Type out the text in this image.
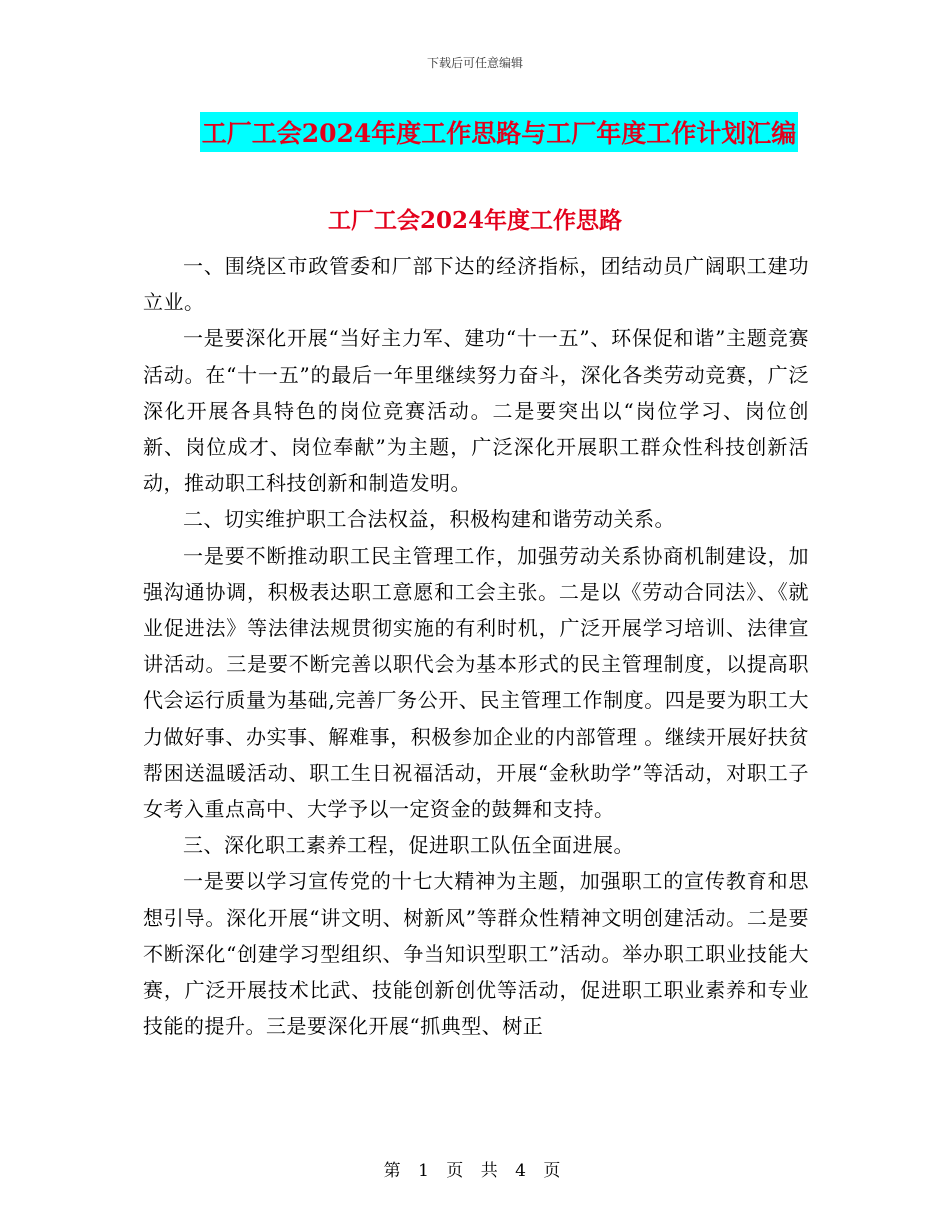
下载后可任意编辑
工厂工会2024年度工作思路与工厂年度工作计划汇编
工厂工会2024年度工作思路

一、围绕区市政管委和厂部下达的经济指标，团结动员广阔职工建功立业。

一是要深化开展“当好主力军、建功“十一五”、环保促和谐”主题竞赛活动。在“十一五”的最后一年里继续努力奋斗，深化各类劳动竞赛，广泛深化开展各具特色的岗位竞赛活动。二是要突出以“岗位学习、岗位创新、岗位成才、岗位奉献”为主题，广泛深化开展职工群众性科技创新活动，推动职工科技创新和制造发明。

二、切实维护职工合法权益，积极构建和谐劳动关系。

一是要不断推动职工民主管理工作，加强劳动关系协商机制建设，加强沟通协调，积极表达职工意愿和工会主张。二是以《劳动合同法》、《就业促进法》等法律法规贯彻实施的有利时机，广泛开展学习培训、法律宣讲活动。三是要不断完善以职代会为基本形式的民主管理制度，以提高职代会运行质量为基础,完善厂务公开、民主管理工作制度。四是要为职工大力做好事、办实事、解难事，积极参加企业的内部管理 。继续开展好扶贫帮困送温暖活动、职工生日祝福活动，开展“金秋助学”等活动，对职工子女考入重点高中、大学予以一定资金的鼓舞和支持。

三、深化职工素养工程，促进职工队伍全面进展。

一是要以学习宣传党的十七大精神为主题，加强职工的宣传教育和思想引导。深化开展“讲文明、树新风”等群众性精神文明创建活动。二是要不断深化“创建学习型组织、争当知识型职工”活动。举办职工职业技能大赛，广泛开展技术比武、技能创新创优等活动，促进职工职业素养和专业技能的提升。三是要深化开展“抓典型、树正

第 1 页 共 4 页
